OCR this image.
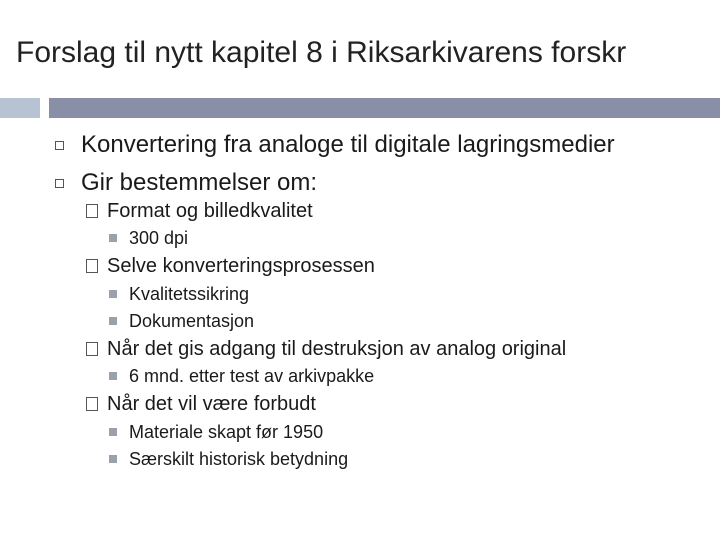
Forslag til nytt kapitel 8 i Riksarkivarens forskr
Konvertering fra analoge til digitale lagringsmedier
Gir bestemmelser om:
Format og billedkvalitet
300 dpi
Selve konverteringsprosessen
Kvalitetssikring
Dokumentasjon
Når det gis adgang til destruksjon av analog original
6 mnd. etter test av arkivpakke
Når det vil være forbudt
Materiale skapt før 1950
Særskilt historisk betydning
